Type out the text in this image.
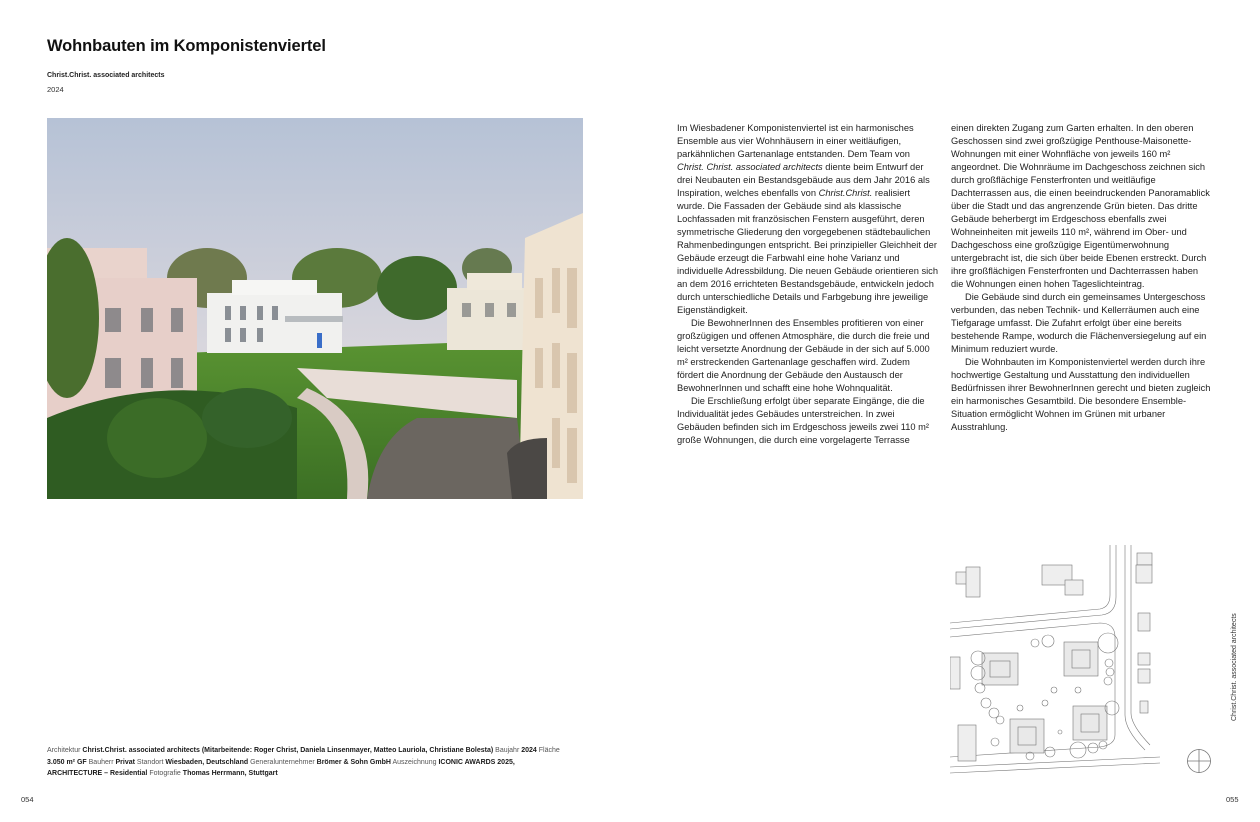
Wohnbauten im Komponistenviertel
Christ.Christ. associated architects
2024

Im Wiesbadener Komponistenviertel ist ein harmonisches Ensemble aus vier Wohnhäusern in einer weitläufigen, parkähnlichen Gartenanlage entstanden. Dem Team von Christ. Christ. associated architects diente beim Entwurf der drei Neubauten ein Bestandsgebäude aus dem Jahr 2016 als Inspiration, welches ebenfalls von Christ.Christ. realisiert wurde. Die Fassaden der Gebäude sind als klassische Lochfassaden mit französischen Fenstern ausgeführt, deren symmetrische Gliederung den vorgegebenen städtebaulichen Rahmenbedingungen entspricht. Bei prinzipieller Gleichheit der Gebäude erzeugt die Farbwahl eine hohe Varianz und individuelle Adressbildung. Die neuen Gebäude orientieren sich an dem 2016 errichteten Bestandsgebäude, entwickeln jedoch durch unterschiedliche Details und Farbgebung ihre jeweilige Eigenständigkeit.

Die BewohnerInnen des Ensembles profitieren von einer großzügigen und offenen Atmosphäre, die durch die freie und leicht versetzte Anordnung der Gebäude in der sich auf 5.000 m² erstreckenden Gartenanlage geschaffen wird. Zudem fördert die Anordnung der Gebäude den Austausch der BewohnerInnen und schafft eine hohe Wohnqualität.

Die Erschließung erfolgt über separate Eingänge, die die Individualität jedes Gebäudes unterstreichen. In zwei Gebäuden befinden sich im Erdgeschoss jeweils zwei 110 m² große Wohnungen, die durch eine vorgelagerte Terrasse

einen direkten Zugang zum Garten erhalten. In den oberen Geschossen sind zwei großzügige Penthouse-Maisonette-Wohnungen mit einer Wohnfläche von jeweils 160 m² angeordnet. Die Wohnräume im Dachgeschoss zeichnen sich durch großflächige Fensterfronten und weitläufige Dachterrassen aus, die einen beeindruckenden Panoramablick über die Stadt und das angrenzende Grün bieten. Das dritte Gebäude beherbergt im Erdgeschoss ebenfalls zwei Wohneinheiten mit jeweils 110 m², während im Ober- und Dachgeschoss eine großzügige Eigentümerwohnung untergebracht ist, die sich über beide Ebenen erstreckt. Durch ihre großflächigen Fensterfronten und Dachterrassen haben die Wohnungen einen hohen Tageslichteintrag.

Die Gebäude sind durch ein gemeinsames Untergeschoss verbunden, das neben Technik- und Kellerräumen auch eine Tiefgarage umfasst. Die Zufahrt erfolgt über eine bereits bestehende Rampe, wodurch die Flächenversiegelung auf ein Minimum reduziert wurde.

Die Wohnbauten im Komponistenviertel werden durch ihre hochwertige Gestaltung und Ausstattung den individuellen Bedürfnissen ihrer BewohnerInnen gerecht und bieten zugleich ein harmonisches Gesamtbild. Die besondere Ensemble-Situation ermöglicht Wohnen im Grünen mit urbaner Ausstrahlung.

Architektur Christ.Christ. associated architects (Mitarbeitende: Roger Christ, Daniela Linsenmayer, Matteo Lauriola, Christiane Bolesta) Baujahr 2024 Fläche 3.050 m² GF Bauherr Privat Standort Wiesbaden, Deutschland Generalunternehmer Brömer & Sohn GmbH Auszeichnung ICONIC AWARDS 2025, ARCHITECTURE – Residential Fotografie Thomas Herrmann, Stuttgart
054	055
Christ.Christ. associated architects
